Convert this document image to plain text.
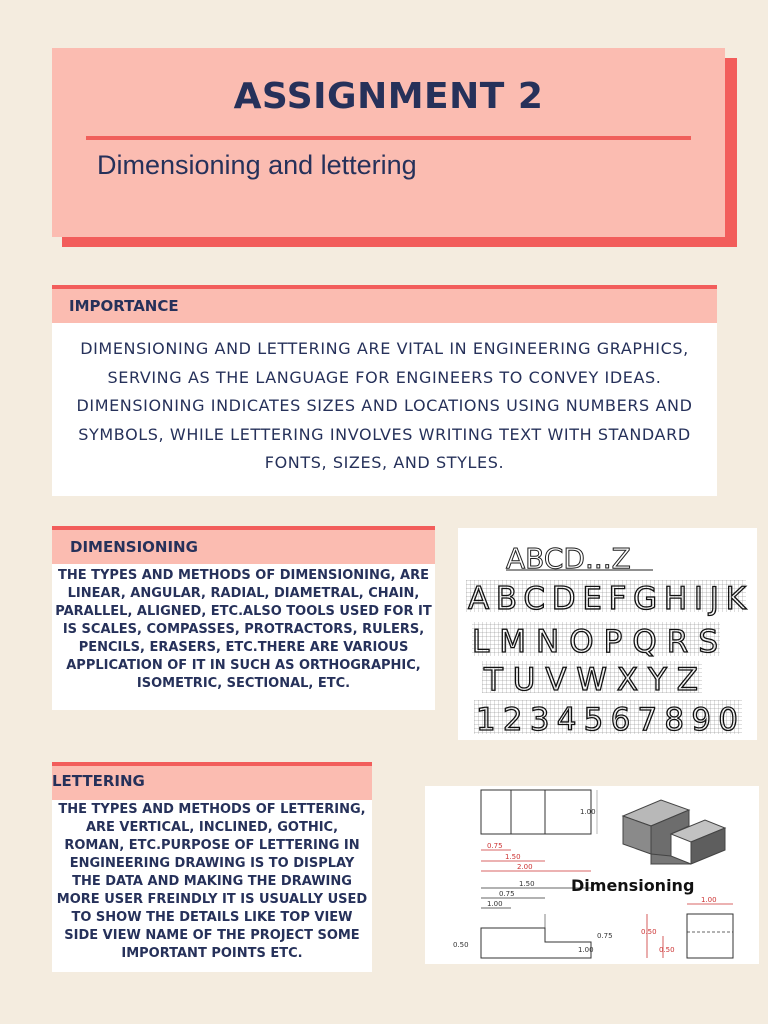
ASSIGNMENT 2
Dimensioning and lettering
IMPORTANCE
DIMENSIONING AND LETTERING ARE VITAL IN ENGINEERING GRAPHICS, SERVING AS THE LANGUAGE FOR ENGINEERS TO CONVEY IDEAS. DIMENSIONING INDICATES SIZES AND LOCATIONS USING NUMBERS AND SYMBOLS, WHILE LETTERING INVOLVES WRITING TEXT WITH STANDARD FONTS, SIZES, AND STYLES.
DIMENSIONING
THE TYPES AND METHODS OF DIMENSIONING, ARE LINEAR, ANGULAR, RADIAL, DIAMETRAL, CHAIN, PARALLEL, ALIGNED, ETC.ALSO TOOLS USED FOR IT IS SCALES, COMPASSES, PROTRACTORS, RULERS, PENCILS, ERASERS, ETC.THERE ARE VARIOUS APPLICATION OF IT IN SUCH AS ORTHOGRAPHIC, ISOMETRIC, SECTIONAL, ETC.
ABCD...Z
ABCDEFGHIJK
LMNOPQRS
TUVWXYZ
1234567890
LETTERING
THE TYPES AND METHODS OF LETTERING, ARE VERTICAL, INCLINED, GOTHIC, ROMAN, ETC.PURPOSE OF LETTERING IN ENGINEERING DRAWING IS TO DISPLAY THE DATA AND MAKING THE DRAWING MORE USER FREINDLY IT IS USUALLY USED TO SHOW THE DETAILS LIKE TOP VIEW SIDE VIEW NAME OF THE PROJECT SOME IMPORTANT POINTS ETC.
1.00
0.75
1.50
2.00
1.50
0.75
1.00
0.50
0.75
1.00
Dimensioning
1.00
0.50
0.50
